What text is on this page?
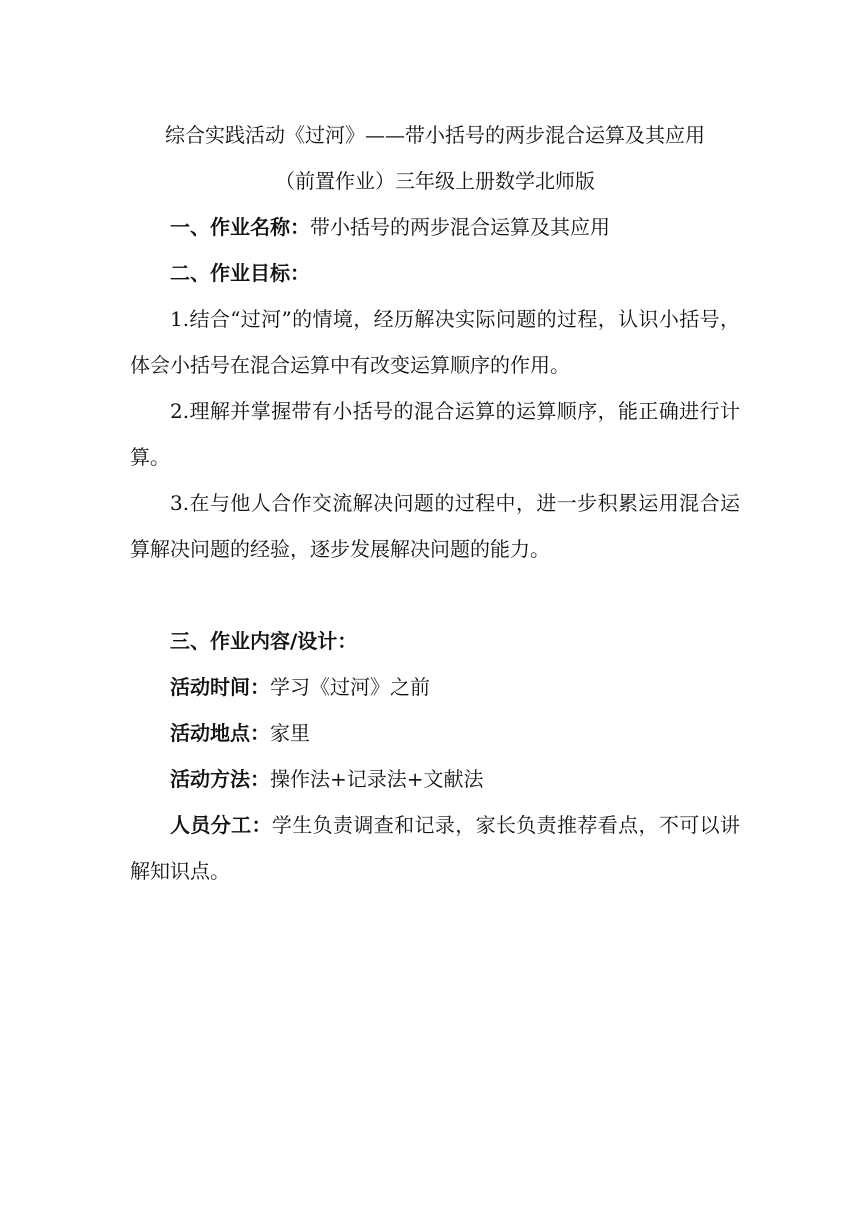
综合实践活动《过河》——带小括号的两步混合运算及其应用

（前置作业）三年级上册数学北师版

一、作业名称：带小括号的两步混合运算及其应用

二、作业目标：

1.结合“过河”的情境，经历解决实际问题的过程，认识小括号，体会小括号在混合运算中有改变运算顺序的作用。

2.理解并掌握带有小括号的混合运算的运算顺序，能正确进行计算。

3.在与他人合作交流解决问题的过程中，进一步积累运用混合运算解决问题的经验，逐步发展解决问题的能力。

三、作业内容/设计：

活动时间：学习《过河》之前

活动地点：家里

活动方法：操作法+记录法+文献法

人员分工：学生负责调查和记录，家长负责推荐看点，不可以讲解知识点。
